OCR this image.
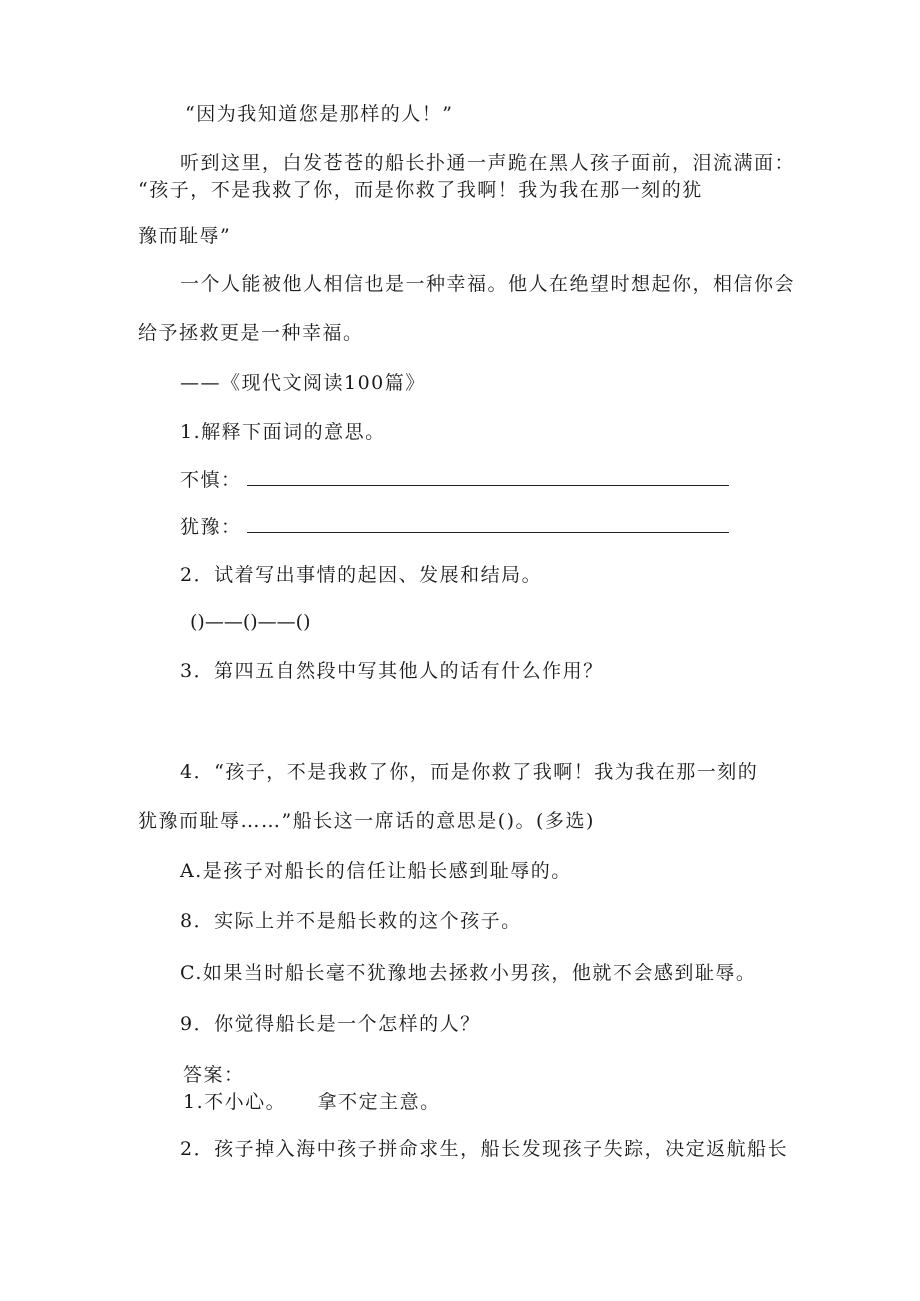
“因为我知道您是那样的人！”
听到这里，白发苍苍的船长扑通一声跪在黑人孩子面前，泪流满面：
“孩子，不是我救了你，而是你救了我啊！我为我在那一刻的犹
豫而耻辱”
一个人能被他人相信也是一种幸福。他人在绝望时想起你，相信你会
给予拯救更是一种幸福。
——《现代文阅读100篇》
1.解释下面词的意思。
不慎：
犹豫：
2．试着写出事情的起因、发展和结局。
()——()——()
3．第四五自然段中写其他人的话有什么作用？
4．“孩子，不是我救了你，而是你救了我啊！我为我在那一刻的
犹豫而耻辱……”船长这一席话的意思是()。(多选)
A.是孩子对船长的信任让船长感到耻辱的。
8．实际上并不是船长救的这个孩子。
C.如果当时船长毫不犹豫地去拯救小男孩，他就不会感到耻辱。
9．你觉得船长是一个怎样的人？
答案：
1.不小心。　　拿不定主意。
2．孩子掉入海中孩子拼命求生，船长发现孩子失踪，决定返航船长
